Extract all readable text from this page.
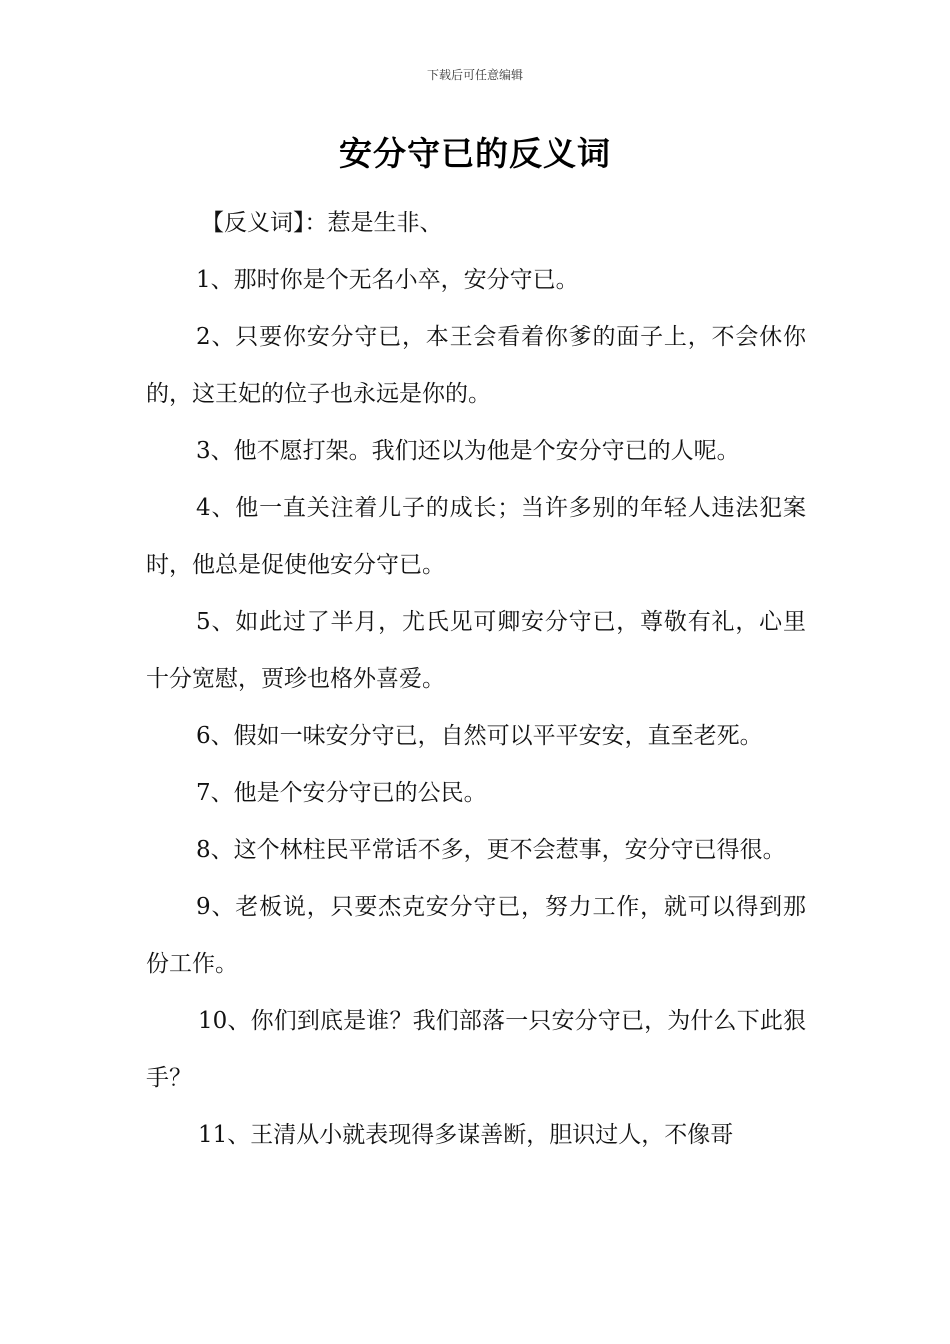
下载后可任意编辑
安分守已的反义词

【反义词】：惹是生非、

1、那时你是个无名小卒，安分守已。

2、只要你安分守已，本王会看着你爹的面子上，不会休你的，这王妃的位子也永远是你的。

3、他不愿打架。我们还以为他是个安分守已的人呢。

4、他一直关注着儿子的成长；当许多别的年轻人违法犯案时，他总是促使他安分守已。

5、如此过了半月，尤氏见可卿安分守已，尊敬有礼，心里十分宽慰，贾珍也格外喜爱。

6、假如一味安分守已，自然可以平平安安，直至老死。

7、他是个安分守已的公民。

8、这个林柱民平常话不多，更不会惹事，安分守已得很。

9、老板说，只要杰克安分守已，努力工作，就可以得到那份工作。

10、你们到底是谁？我们部落一只安分守已，为什么下此狠手？

11、王清从小就表现得多谋善断，胆识过人，不像哥
